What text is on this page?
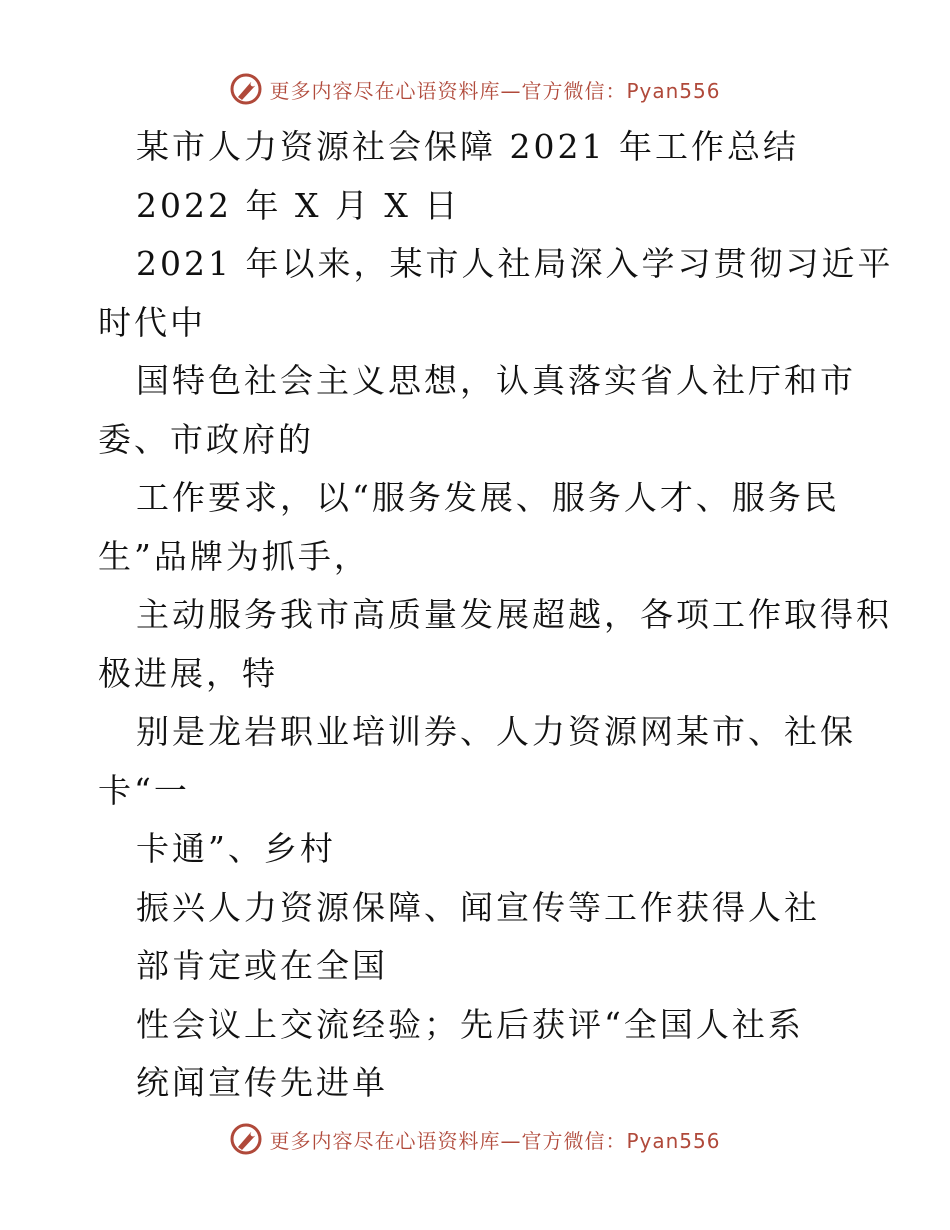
更多内容尽在心语资料库—官方微信：Pyan556
某市人力资源社会保障 2021 年工作总结
2022 年 X 月 X 日
2021 年以来，某市人社局深入学习贯彻习近平
时代中
国特色社会主义思想，认真落实省人社厅和市
委、市政府的
工作要求，以“服务发展、服务人才、服务民
生”品牌为抓手，
主动服务我市高质量发展超越，各项工作取得积
极进展，特
别是龙岩职业培训券、人力资源网某市、社保
卡“一
卡通”、乡村
振兴人力资源保障、闻宣传等工作获得人社
部肯定或在全国
性会议上交流经验；先后获评“全国人社系
统闻宣传先进单
更多内容尽在心语资料库—官方微信：Pyan556
